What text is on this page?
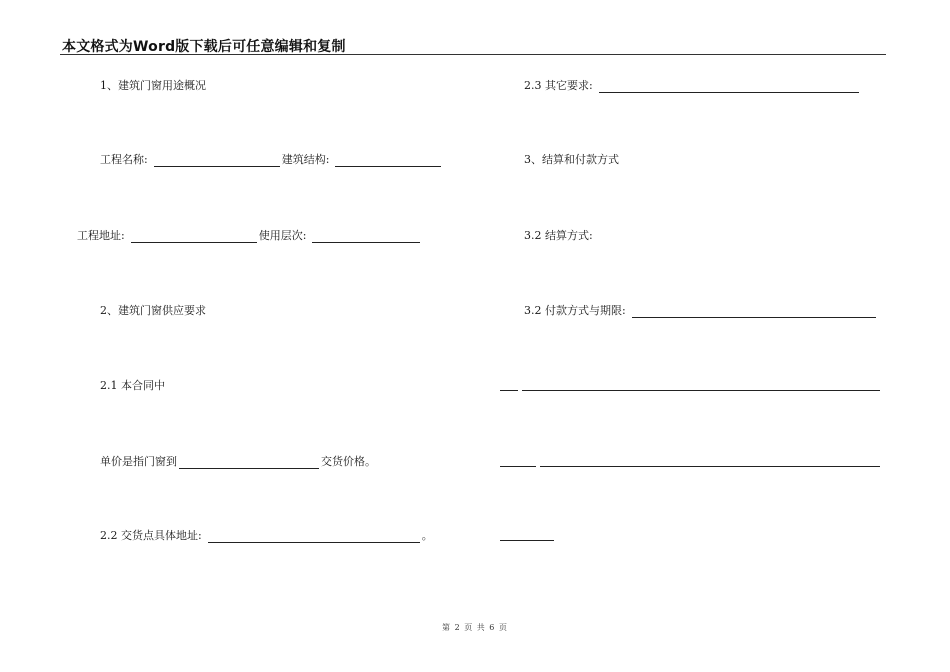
本文格式为Word版下载后可任意编辑和复制
1、建筑门窗用途概况
工程名称:	建筑结构:
工程地址:	使用层次:
2、建筑门窗供应要求
2.1 本合同中
单价是指门窗到	交货价格。
2.2 交货点具体地址:	。
2.3 其它要求:
3、结算和付款方式
3.2 结算方式:
3.2 付款方式与期限:
第 2 页 共 6 页
